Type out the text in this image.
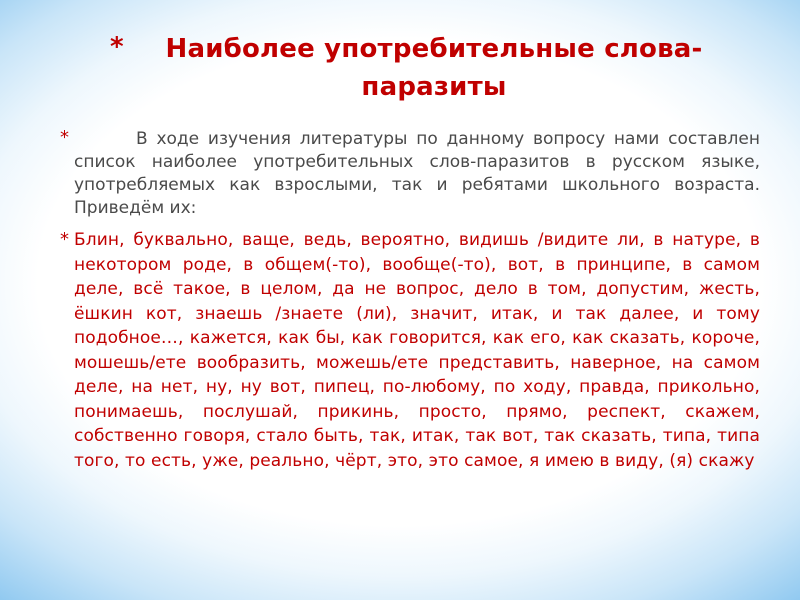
*	Наиболее употребительные слова-паразиты
*	В ходе изучения литературы по данному вопросу нами составлен список наиболее употребительных слов-паразитов в русском языке, употребляемых как взрослыми, так и ребятами школьного возраста. Приведём их:

* Блин, буквально, ваще, ведь, вероятно, видишь /видите ли, в натуре, в некотором роде, в общем(-то), вообще(-то), вот, в принципе, в самом деле, всё такое, в целом, да не вопрос, дело в том, допустим, жесть, ёшкин кот, знаешь /знаете (ли), значит, итак, и так далее, и тому подобное…, кажется, как бы, как говорится, как его, как сказать, короче, мошешь/ете вообразить, можешь/ете представить, наверное, на самом деле, на нет, ну, ну вот, пипец, по-любому, по ходу, правда, прикольно, понимаешь, послушай, прикинь, просто, прямо, респект, скажем, собственно говоря, стало быть, так, итак, так вот, так сказать, типа, типа того, то есть, уже, реально, чёрт, это, это самое, я имею в виду, (я) скажу
